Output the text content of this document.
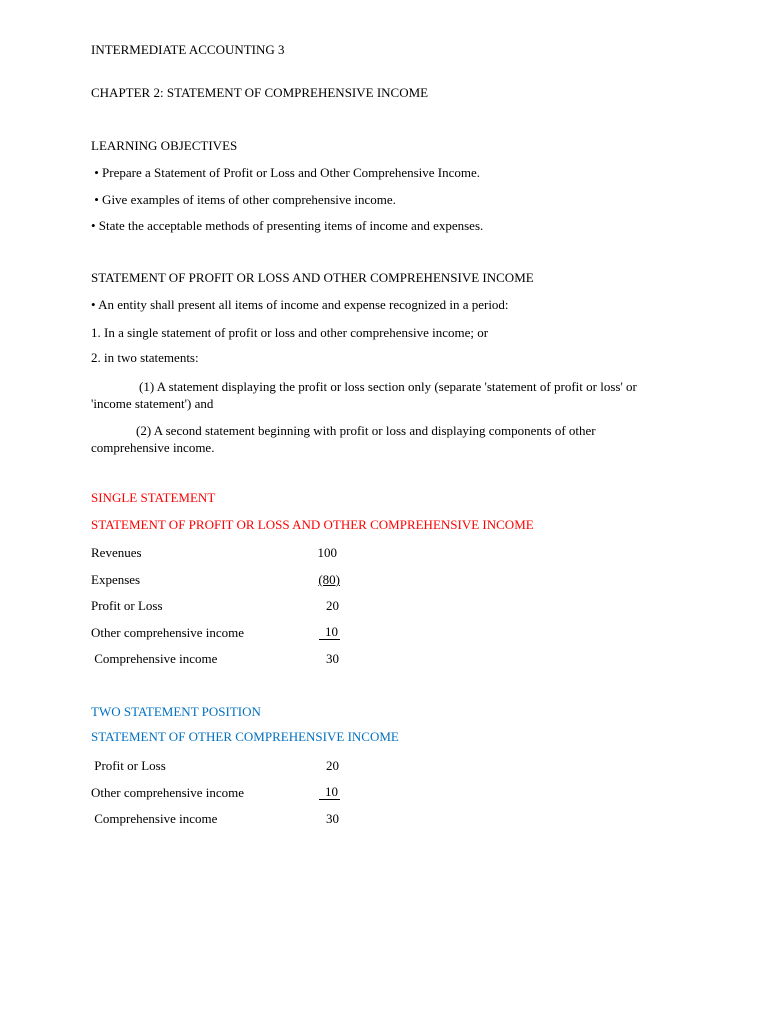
INTERMEDIATE ACCOUNTING 3
CHAPTER 2: STATEMENT OF COMPREHENSIVE INCOME
LEARNING OBJECTIVES
• Prepare a Statement of Profit or Loss and Other Comprehensive Income.
• Give examples of items of other comprehensive income.
• State the acceptable methods of presenting items of income and expenses.
STATEMENT OF PROFIT OR LOSS AND OTHER COMPREHENSIVE INCOME
• An entity shall present all items of income and expense recognized in a period:
1. In a single statement of profit or loss and other comprehensive income; or
2. in two statements:
(1) A statement displaying the profit or loss section only (separate 'statement of profit or loss' or 'income statement') and
(2) A second statement beginning with profit or loss and displaying components of other comprehensive income.
SINGLE STATEMENT
STATEMENT OF PROFIT OR LOSS AND OTHER COMPREHENSIVE INCOME
Revenues	100
Expenses	(80)
Profit or Loss	20
Other comprehensive income	10
Comprehensive income	30
TWO STATEMENT POSITION
STATEMENT OF OTHER COMPREHENSIVE INCOME
Profit or Loss	20
Other comprehensive income	10
Comprehensive income	30
